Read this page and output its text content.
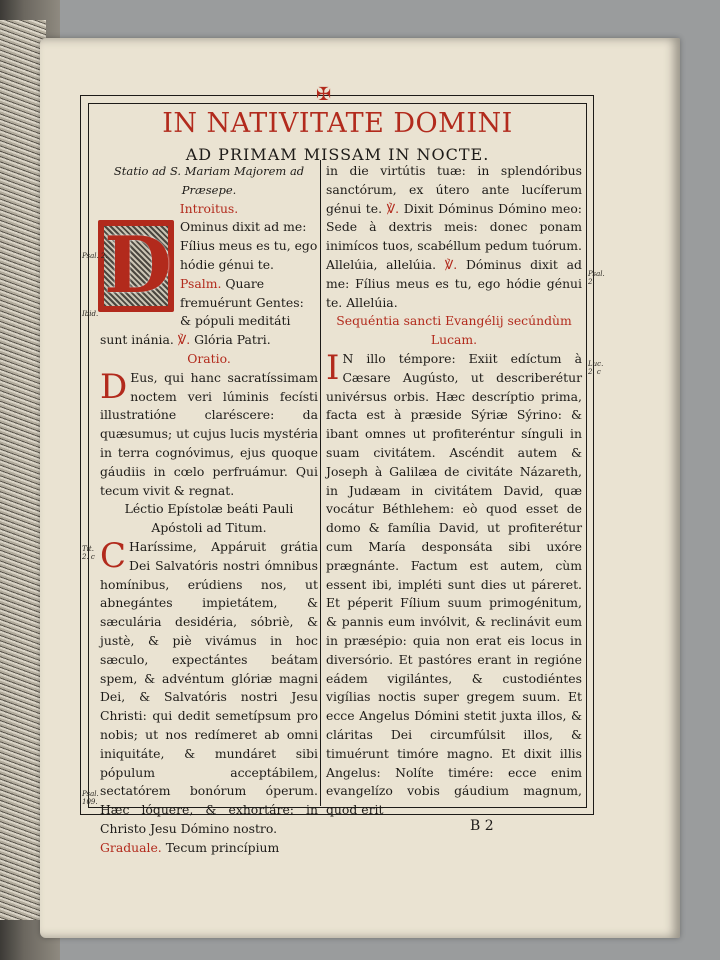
✠
IN NATIVITATE DOMINI
AD PRIMAM MISSAM IN NOCTE.

Statio ad S. Mariam Majorem ad Præsepe.

Introitus.

D Ominus dixit ad me: Fílius meus es tu, ego hódie génui te. Psalm. Quare fremuérunt Gentes: & pópuli meditáti sunt inánia. ℣. Glória Patri.

Oratio.

D Eus, qui hanc sacratíssimam noctem veri lúminis fecísti illustratióne claréscere: da quæsumus; ut cujus lucis mystéria in terra cognóvimus, ejus quoque gáudiis in cœlo perfruámur. Qui tecum vivit & regnat.

Léctio Epístolæ beáti Pauli Apóstoli ad Titum.

C Haríssime, Appáruit grátia Dei Salvatóris nostri ómnibus homínibus, erúdiens nos, ut abnegántes impietátem, & sæculária desidéria, sóbriè, & justè, & piè vivámus in hoc sæculo, expectántes beátam spem, & advéntum glóriæ magni Dei, & Salvatóris nostri Jesu Christi: qui dedit semetípsum pro nobis; ut nos redímeret ab omni iniquitáte, & mundáret sibi pópulum acceptábilem, sectatórem bonórum óperum. Hæc lóquere, & exhortáre: in Christo Jesu Dómino nostro.

Graduale. Tecum princípium

in die virtútis tuæ: in splendóribus sanctórum, ex útero ante lucíferum génui te. ℣. Dixit Dóminus Dómino meo: Sede à dextris meis: donec ponam inimícos tuos, scabéllum pedum tuórum. Allelúia, allelúia. ℣. Dóminus dixit ad me: Fílius meus es tu, ego hódie génui te. Allelúia.

Sequéntia sancti Evangélij secúndùm Lucam.

I N illo témpore: Exiit edíctum à Cæsare Augústo, ut describerétur univérsus orbis. Hæc descríptio prima, facta est à præside Sýriæ Sýrino: & ibant omnes ut profiteréntur sínguli in suam civitátem. Ascéndit autem & Joseph à Galilæa de civitáte Názareth, in Judæam in civitátem David, quæ vocátur Béthlehem: eò quod esset de domo & família David, ut profiterétur cum María desponsáta sibi uxóre prægnánte. Factum est autem, cùm essent ibi, impléti sunt dies ut páreret. Et péperit Fílium suum primogénitum, & pannis eum invólvit, & reclinávit eum in præsépio: quia non erat eis locus in diversório. Et pastóres erant in regióne eádem vigilántes, & custodiéntes vigílias noctis super gregem suum. Et ecce Angelus Dómini stetit juxta illos, & cláritas Dei circumfúlsit illos, & timuérunt timóre magno. Et dixit illis Angelus: Nolíte timére: ecce enim evangelízo vobis gáudium magnum, quod erit

Psal. 2.
Ibid.
Tit. 2. c
Psal. 109.
Psal. 2.
Luc. 2. c
B 2
